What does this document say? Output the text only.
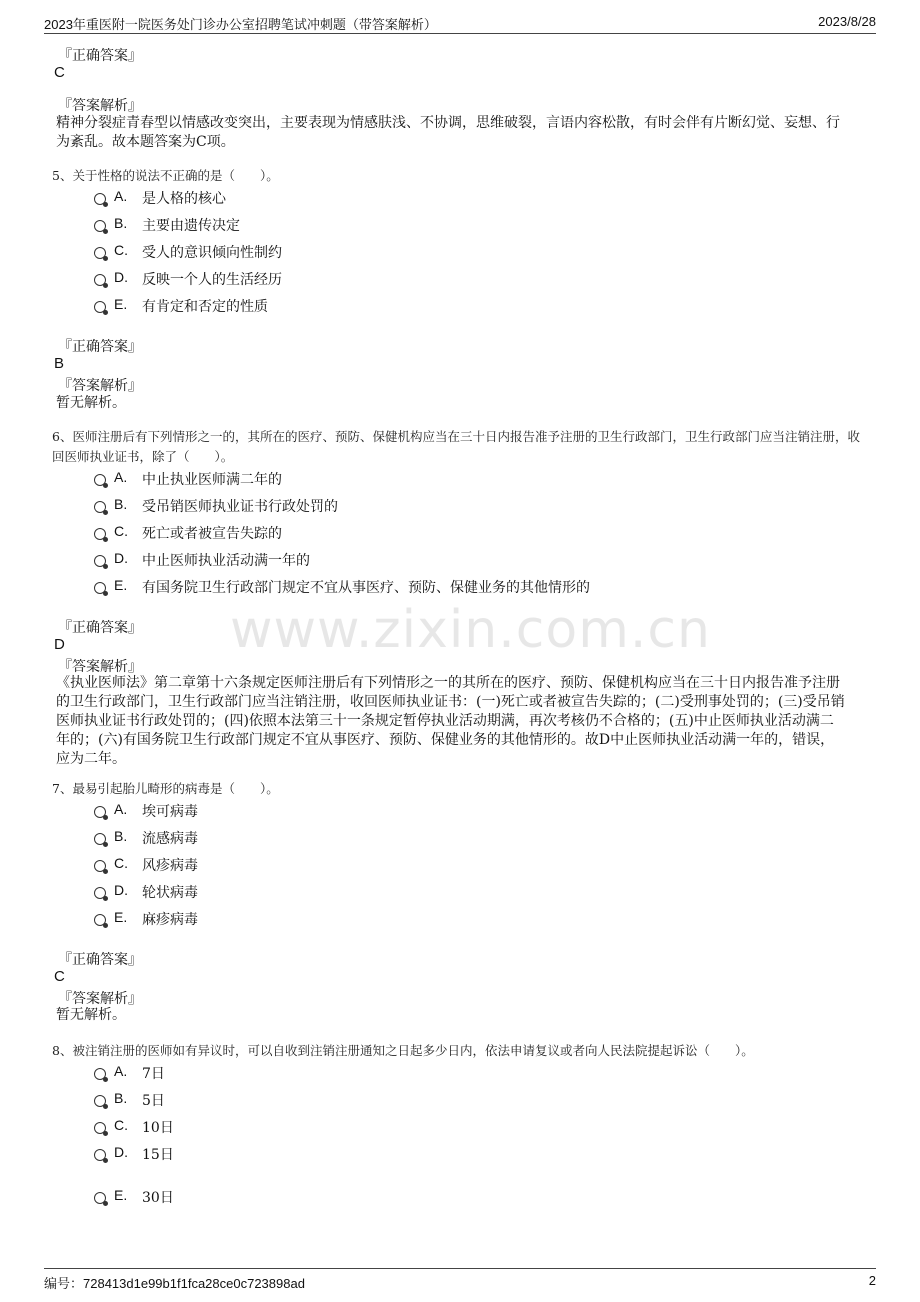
2023年重医附一院医务处门诊办公室招聘笔试冲刺题（带答案解析）	2023/8/28
www.zixin.com.cn
『正确答案』
C
『答案解析』
精神分裂症青春型以情感改变突出，主要表现为情感肤浅、不协调，思维破裂，言语内容松散，有时会伴有片断幻觉、妄想、行为紊乱。故本题答案为C项。
5、关于性格的说法不正确的是（　　）。
A. 是人格的核心
B. 主要由遗传决定
C. 受人的意识倾向性制约
D. 反映一个人的生活经历
E. 有肯定和否定的性质
『正确答案』
B
『答案解析』
暂无解析。
6、医师注册后有下列情形之一的，其所在的医疗、预防、保健机构应当在三十日内报告准予注册的卫生行政部门，卫生行政部门应当注销注册，收回医师执业证书，除了（　　）。
A. 中止执业医师满二年的
B. 受吊销医师执业证书行政处罚的
C. 死亡或者被宣告失踪的
D. 中止医师执业活动满一年的
E. 有国务院卫生行政部门规定不宜从事医疗、预防、保健业务的其他情形的
『正确答案』
D
『答案解析』
《执业医师法》第二章第十六条规定医师注册后有下列情形之一的其所在的医疗、预防、保健机构应当在三十日内报告准予注册的卫生行政部门，卫生行政部门应当注销注册，收回医师执业证书：(一)死亡或者被宣告失踪的；(二)受刑事处罚的；(三)受吊销医师执业证书行政处罚的；(四)依照本法第三十一条规定暂停执业活动期满，再次考核仍不合格的；(五)中止医师执业活动满二年的；(六)有国务院卫生行政部门规定不宜从事医疗、预防、保健业务的其他情形的。故D中止医师执业活动满一年的，错误，应为二年。
7、最易引起胎儿畸形的病毒是（　　）。
A. 埃可病毒
B. 流感病毒
C. 风疹病毒
D. 轮状病毒
E. 麻疹病毒
『正确答案』
C
『答案解析』
暂无解析。
8、被注销注册的医师如有异议时，可以自收到注销注册通知之日起多少日内，依法申请复议或者向人民法院提起诉讼（　　）。
A. 7日
B. 5日
C. 10日
D. 15日
E. 30日
编号：728413d1e99b1f1fca28ce0c723898ad	2
